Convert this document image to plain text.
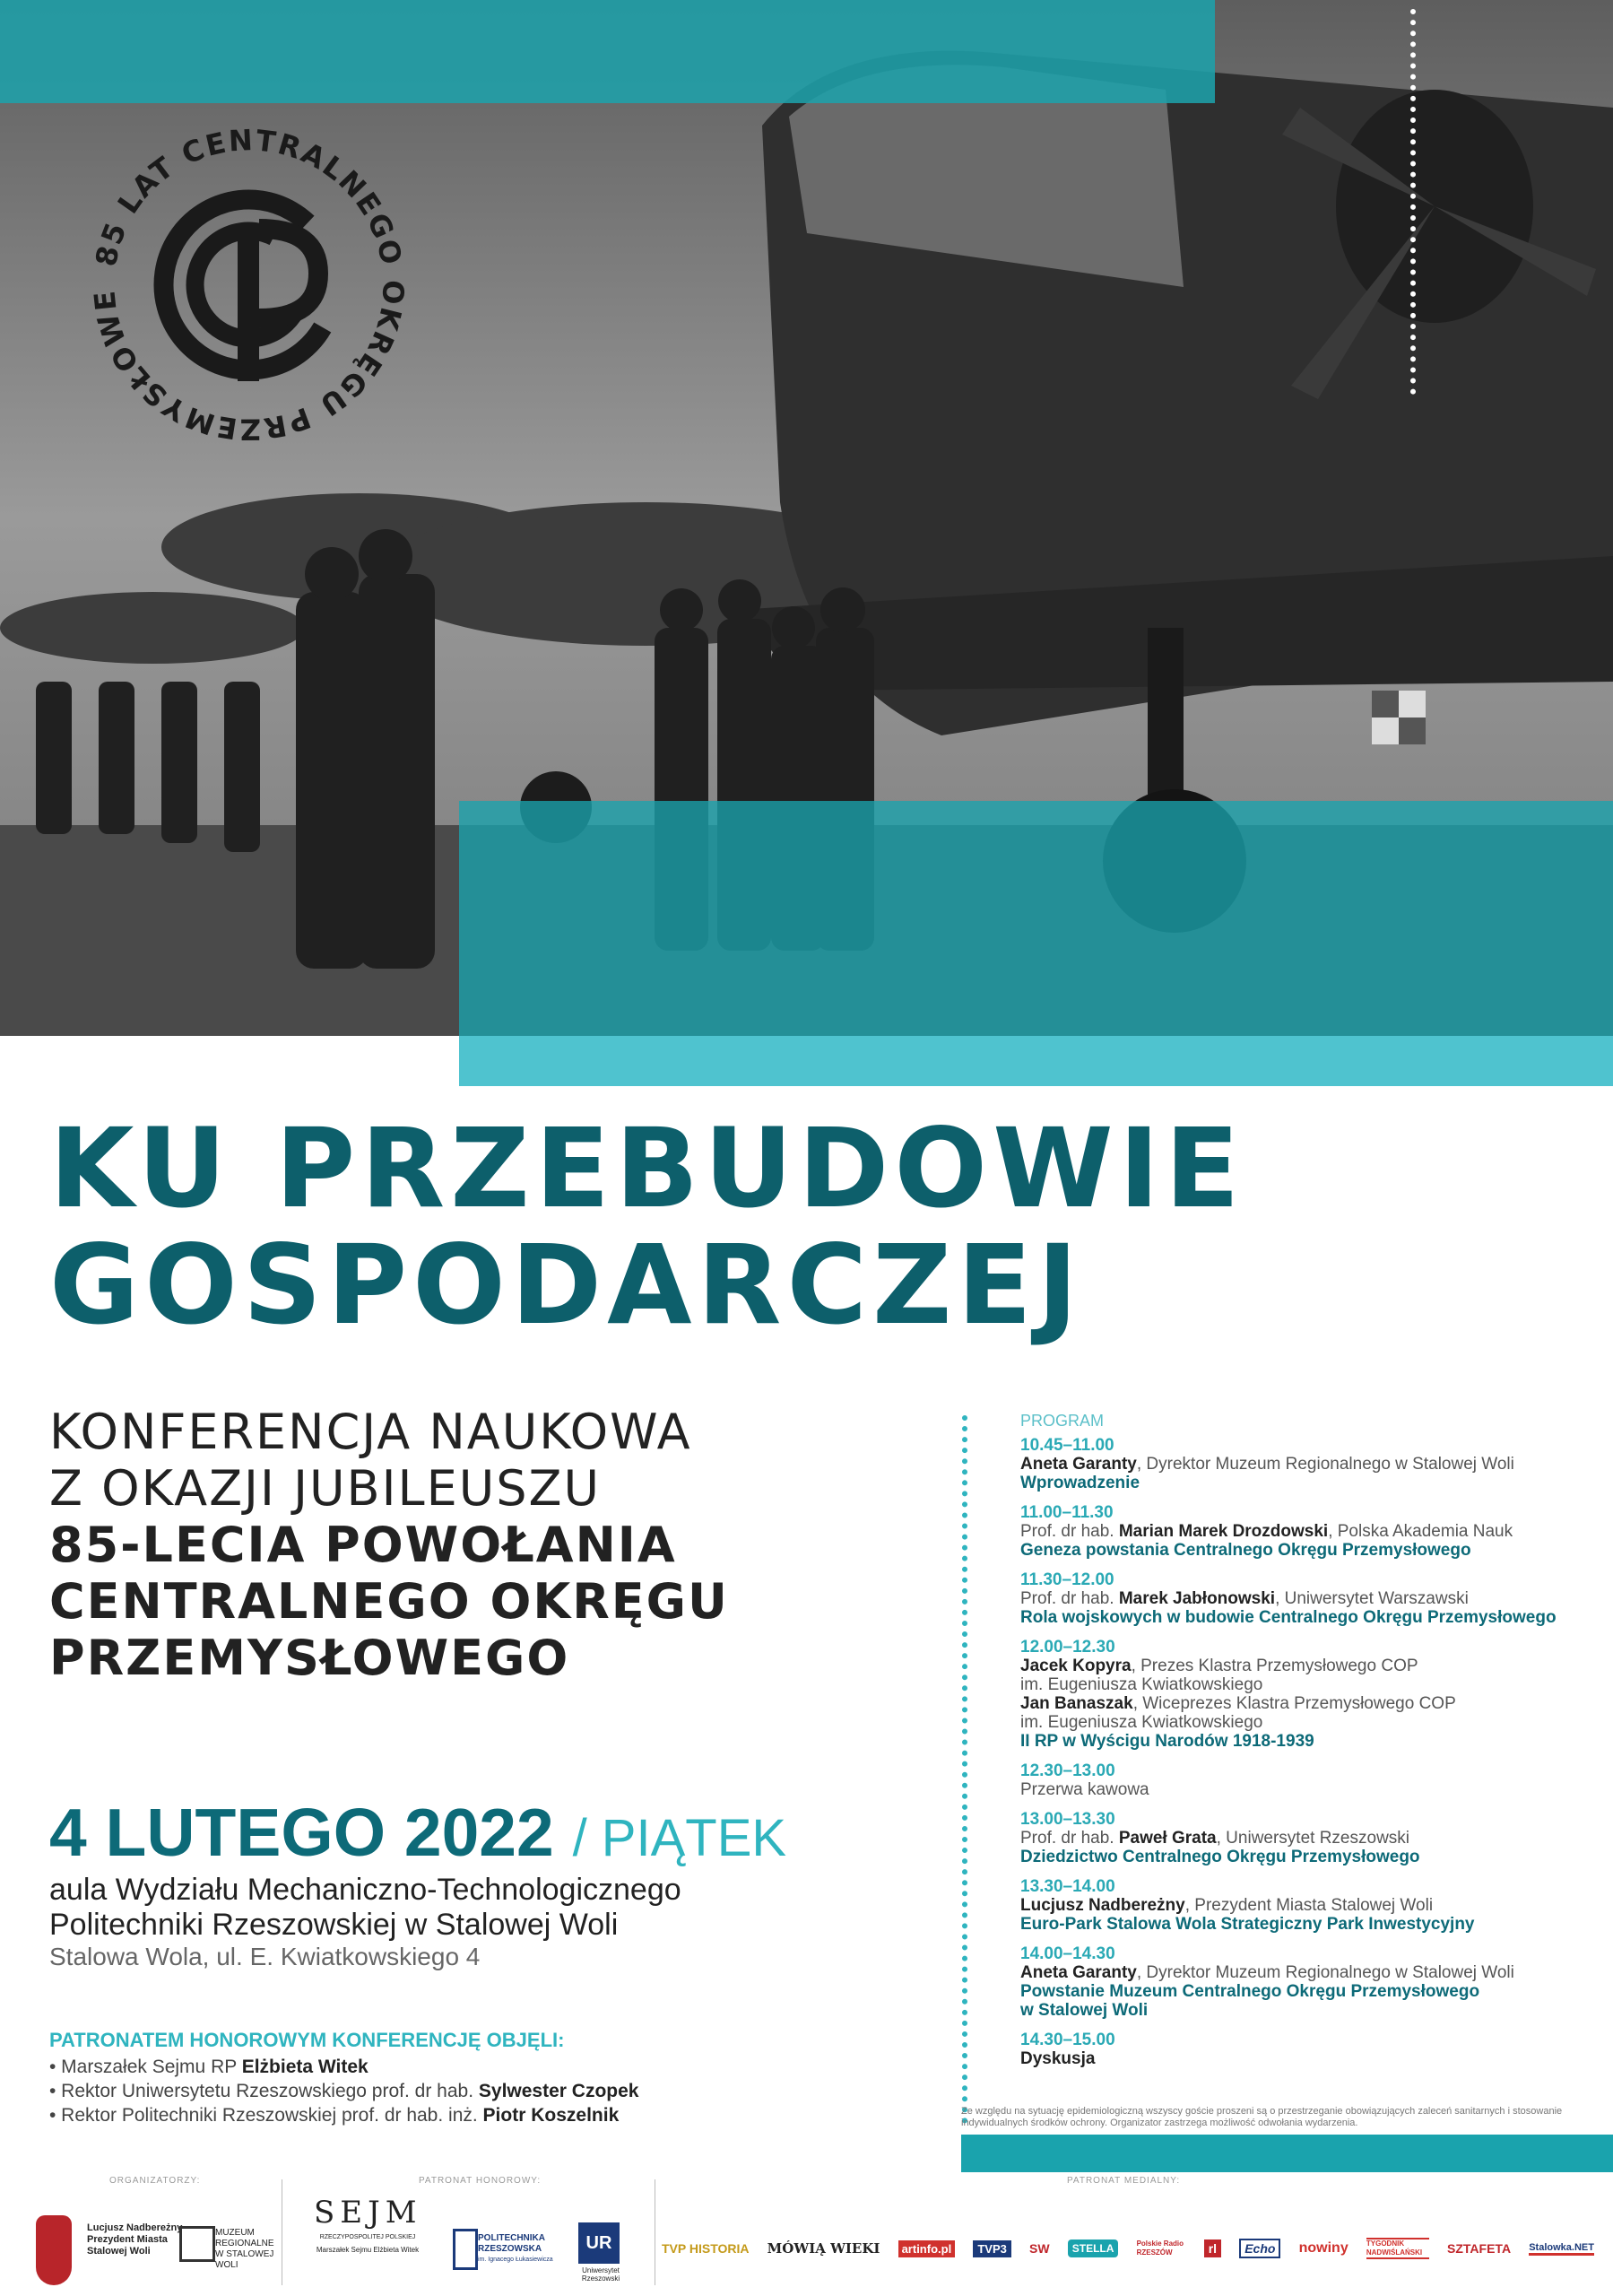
85 LAT CENTRALNEGO OKRĘGU PRZEMYSŁOWE
KU PRZEBUDOWIE
GOSPODARCZEJ
KONFERENCJA NAUKOWA
Z OKAZJI JUBILEUSZU
85-LECIA POWOŁANIA
CENTRALNEGO OKRĘGU
PRZEMYSŁOWEGO
4 LUTEGO 2022 / PIĄTEK
aula Wydziału Mechaniczno-Technologicznego
Politechniki Rzeszowskiej w Stalowej Woli
Stalowa Wola, ul. E. Kwiatkowskiego 4
PATRONATEM HONOROWYM KONFERENCJĘ OBJĘLI:
• Marszałek Sejmu RP Elżbieta Witek
• Rektor Uniwersytetu Rzeszowskiego prof. dr hab. Sylwester Czopek
• Rektor Politechniki Rzeszowskiej prof. dr hab. inż. Piotr Koszelnik
PROGRAM
10.45–11.00
Aneta Garanty, Dyrektor Muzeum Regionalnego w Stalowej Woli
Wprowadzenie
11.00–11.30
Prof. dr hab. Marian Marek Drozdowski, Polska Akademia Nauk
Geneza powstania Centralnego Okręgu Przemysłowego
11.30–12.00
Prof. dr hab. Marek Jabłonowski, Uniwersytet Warszawski
Rola wojskowych w budowie Centralnego Okręgu Przemysłowego
12.00–12.30
Jacek Kopyra, Prezes Klastra Przemysłowego COP
im. Eugeniusza Kwiatkowskiego
Jan Banaszak, Wiceprezes Klastra Przemysłowego COP
im. Eugeniusza Kwiatkowskiego
II RP w Wyścigu Narodów 1918-1939
12.30–13.00
Przerwa kawowa
13.00–13.30
Prof. dr hab. Paweł Grata, Uniwersytet Rzeszowski
Dziedzictwo Centralnego Okręgu Przemysłowego
13.30–14.00
Lucjusz Nadbereżny, Prezydent Miasta Stalowej Woli
Euro-Park Stalowa Wola Strategiczny Park Inwestycyjny
14.00–14.30
Aneta Garanty, Dyrektor Muzeum Regionalnego w Stalowej Woli
Powstanie Muzeum Centralnego Okręgu Przemysłowego
w Stalowej Woli
14.30–15.00
Dyskusja
Ze względu na sytuację epidemiologiczną wszyscy goście proszeni są o przestrzeganie obowiązujących zaleceń sanitarnych i stosowanie indywidualnych środków ochrony. Organizator zastrzega możliwość odwołania wydarzenia.
ORGANIZATORZY:	PATRONAT HONOROWY:	PATRONAT MEDIALNY:
Lucjusz Nadbereżny Prezydent Miasta Stalowej Woli
MUZEUM REGIONALNE W STALOWEJ WOLI
SEJM
RZECZYPOSPOLITEJ POLSKIEJ
Marszałek Sejmu Elżbieta Witek
POLITECHNIKA RZESZOWSKA
im. Ignacego Łukasiewicza
UR
Uniwersytet Rzeszowski
TVP HISTORIA MÓWIĄ WIEKI	artinfo.pl	TVP3	SW	STELLA	Polskie Radio RZESZÓW	rl	Echo	nowiny	TYGODNIK NADWIŚLAŃSKI	SZTAFETA Stalowka.NET
